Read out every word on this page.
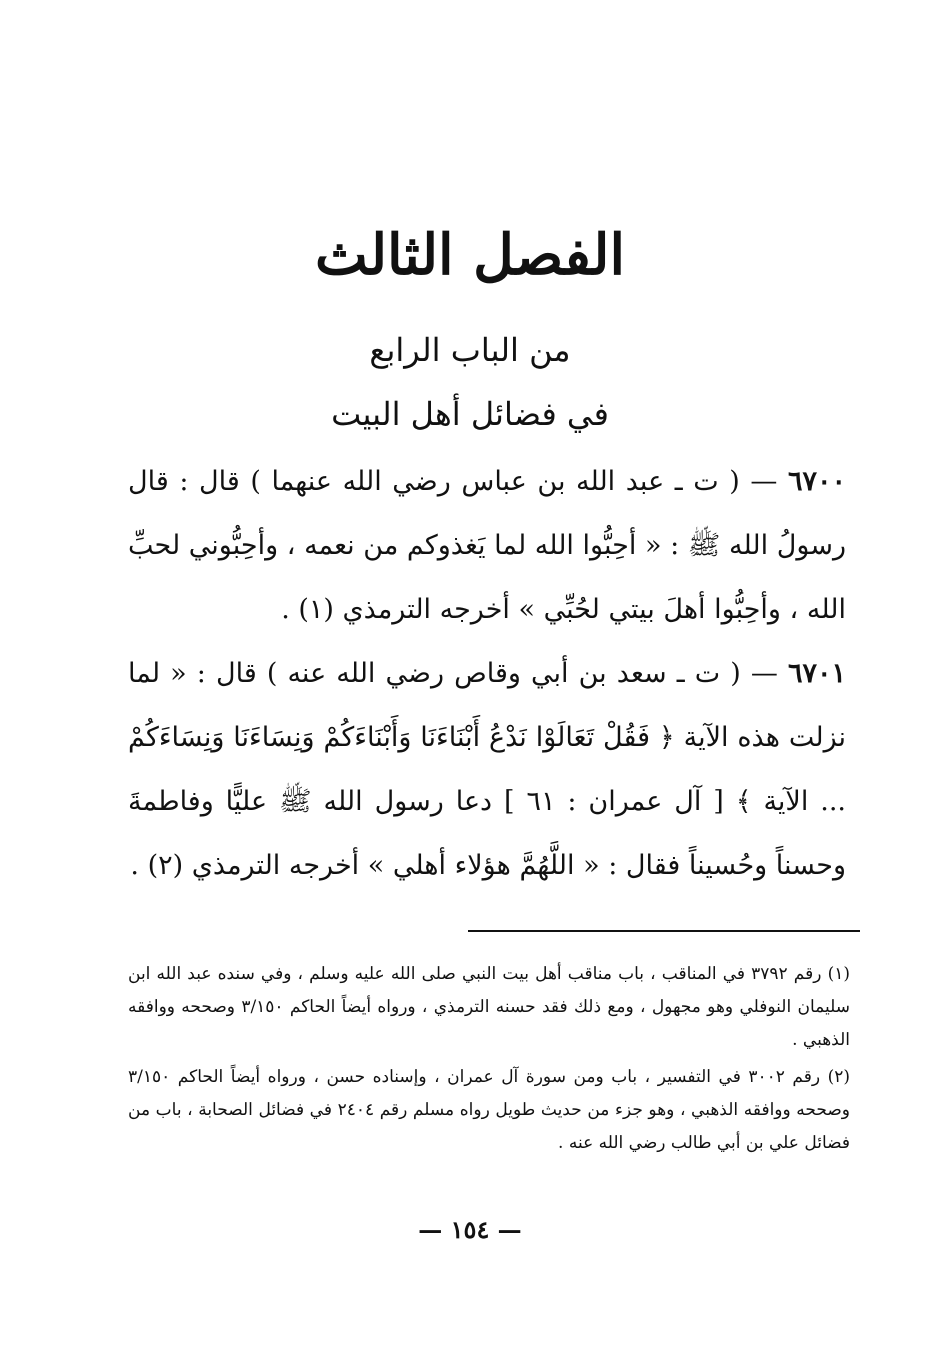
الفصل الثالث
من الباب الرابع
في فضائل أهل البيت
٦٧٠٠ — ( ت ـ عبد الله بن عباس رضي الله عنهما ) قال : قال رسولُ الله ﷺ : « أحِبُّوا الله لما يَغذوكم من نعمه ، وأحِبُّوني لحبِّ الله ، وأحِبُّوا أهلَ بيتي لحُبِّي » أخرجه الترمذي (١) .
٦٧٠١ — ( ت ـ سعد بن أبي وقاص رضي الله عنه ) قال : « لما نزلت هذه الآية ﴿ فَقُلْ تَعَالَوْا نَدْعُ أَبْنَاءَنَا وَأَبْنَاءَكُمْ وَنِسَاءَنَا وَنِسَاءَكُمْ ... الآية ﴾ [ آل عمران : ٦١ ] دعا رسول الله ﷺ عليًّا وفاطمةَ وحسناً وحُسيناً فقال : « اللَّهُمَّ هؤلاء أهلي » أخرجه الترمذي (٢) .

(١) رقم ٣٧٩٢ في المناقب ، باب مناقب أهل بيت النبي صلى الله عليه وسلم ، وفي سنده عبد الله ابن سليمان النوفلي وهو مجهول ، ومع ذلك فقد حسنه الترمذي ، ورواه أيضاً الحاكم ٣/١٥٠ وصححه ووافقه الذهبي .

(٢) رقم ٣٠٠٢ في التفسير ، باب ومن سورة آل عمران ، وإسناده حسن ، ورواه أيضاً الحاكم ٣/١٥٠ وصححه ووافقه الذهبي ، وهو جزء من حديث طويل رواه مسلم رقم ٢٤٠٤ في فضائل الصحابة ، باب من فضائل علي بن أبي طالب رضي الله عنه .

— ١٥٤ —
